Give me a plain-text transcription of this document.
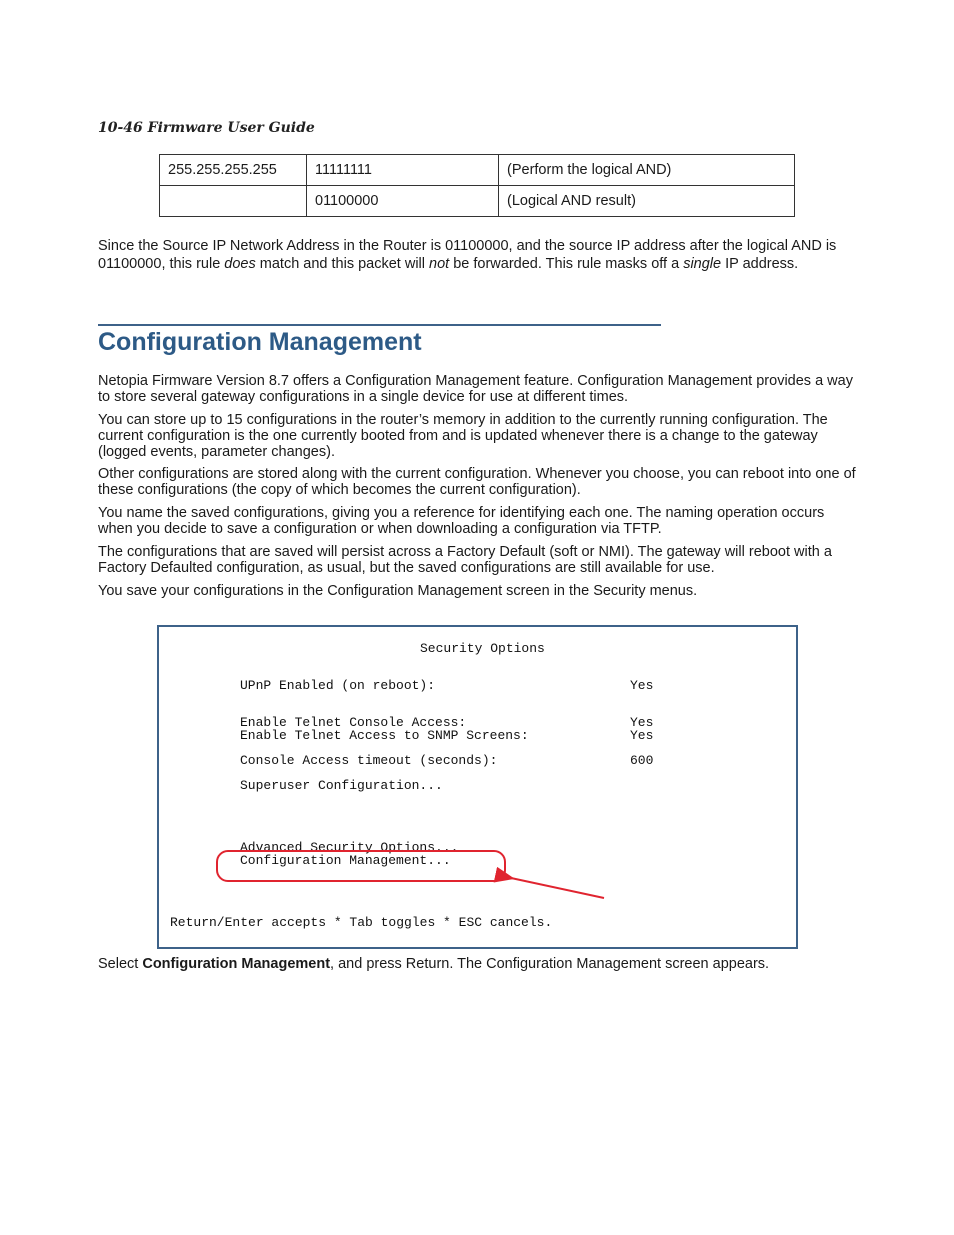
10-46 Firmware User Guide
255.255.255.255	11111111	(Perform the logical AND)
	01100000	(Logical AND result)

Since the Source IP Network Address in the Router is 01100000, and the source IP address after the logical AND is 01100000, this rule does match and this packet will not be forwarded. This rule masks off a single IP address.

Configuration Management

Netopia Firmware Version 8.7 offers a Configuration Management feature. Configuration Management provides a way to store several gateway configurations in a single device for use at different times.

You can store up to 15 configurations in the router’s memory in addition to the currently running configuration. The current configuration is the one currently booted from and is updated whenever there is a change to the gateway (logged events, parameter changes).

Other configurations are stored along with the current configuration. Whenever you choose, you can reboot into one of these configurations (the copy of which becomes the current configuration).

You name the saved configurations, giving you a reference for identifying each one. The naming operation occurs when you decide to save a configuration or when downloading a configuration via TFTP.

The configurations that are saved will persist across a Factory Default (soft or NMI). The gateway will reboot with a Factory Defaulted configuration, as usual, but the saved configurations are still available for use.

You save your configurations in the Configuration Management screen in the Security menus.

Security Options
UPnP Enabled (on reboot):	Yes
Enable Telnet Console Access:	Yes
Enable Telnet Access to SNMP Screens:	Yes
Console Access timeout (seconds):	600
Superuser Configuration...
Advanced Security Options...
Configuration Management...
Return/Enter accepts * Tab toggles * ESC cancels.

Select Configuration Management, and press Return. The Configuration Management screen appears.
